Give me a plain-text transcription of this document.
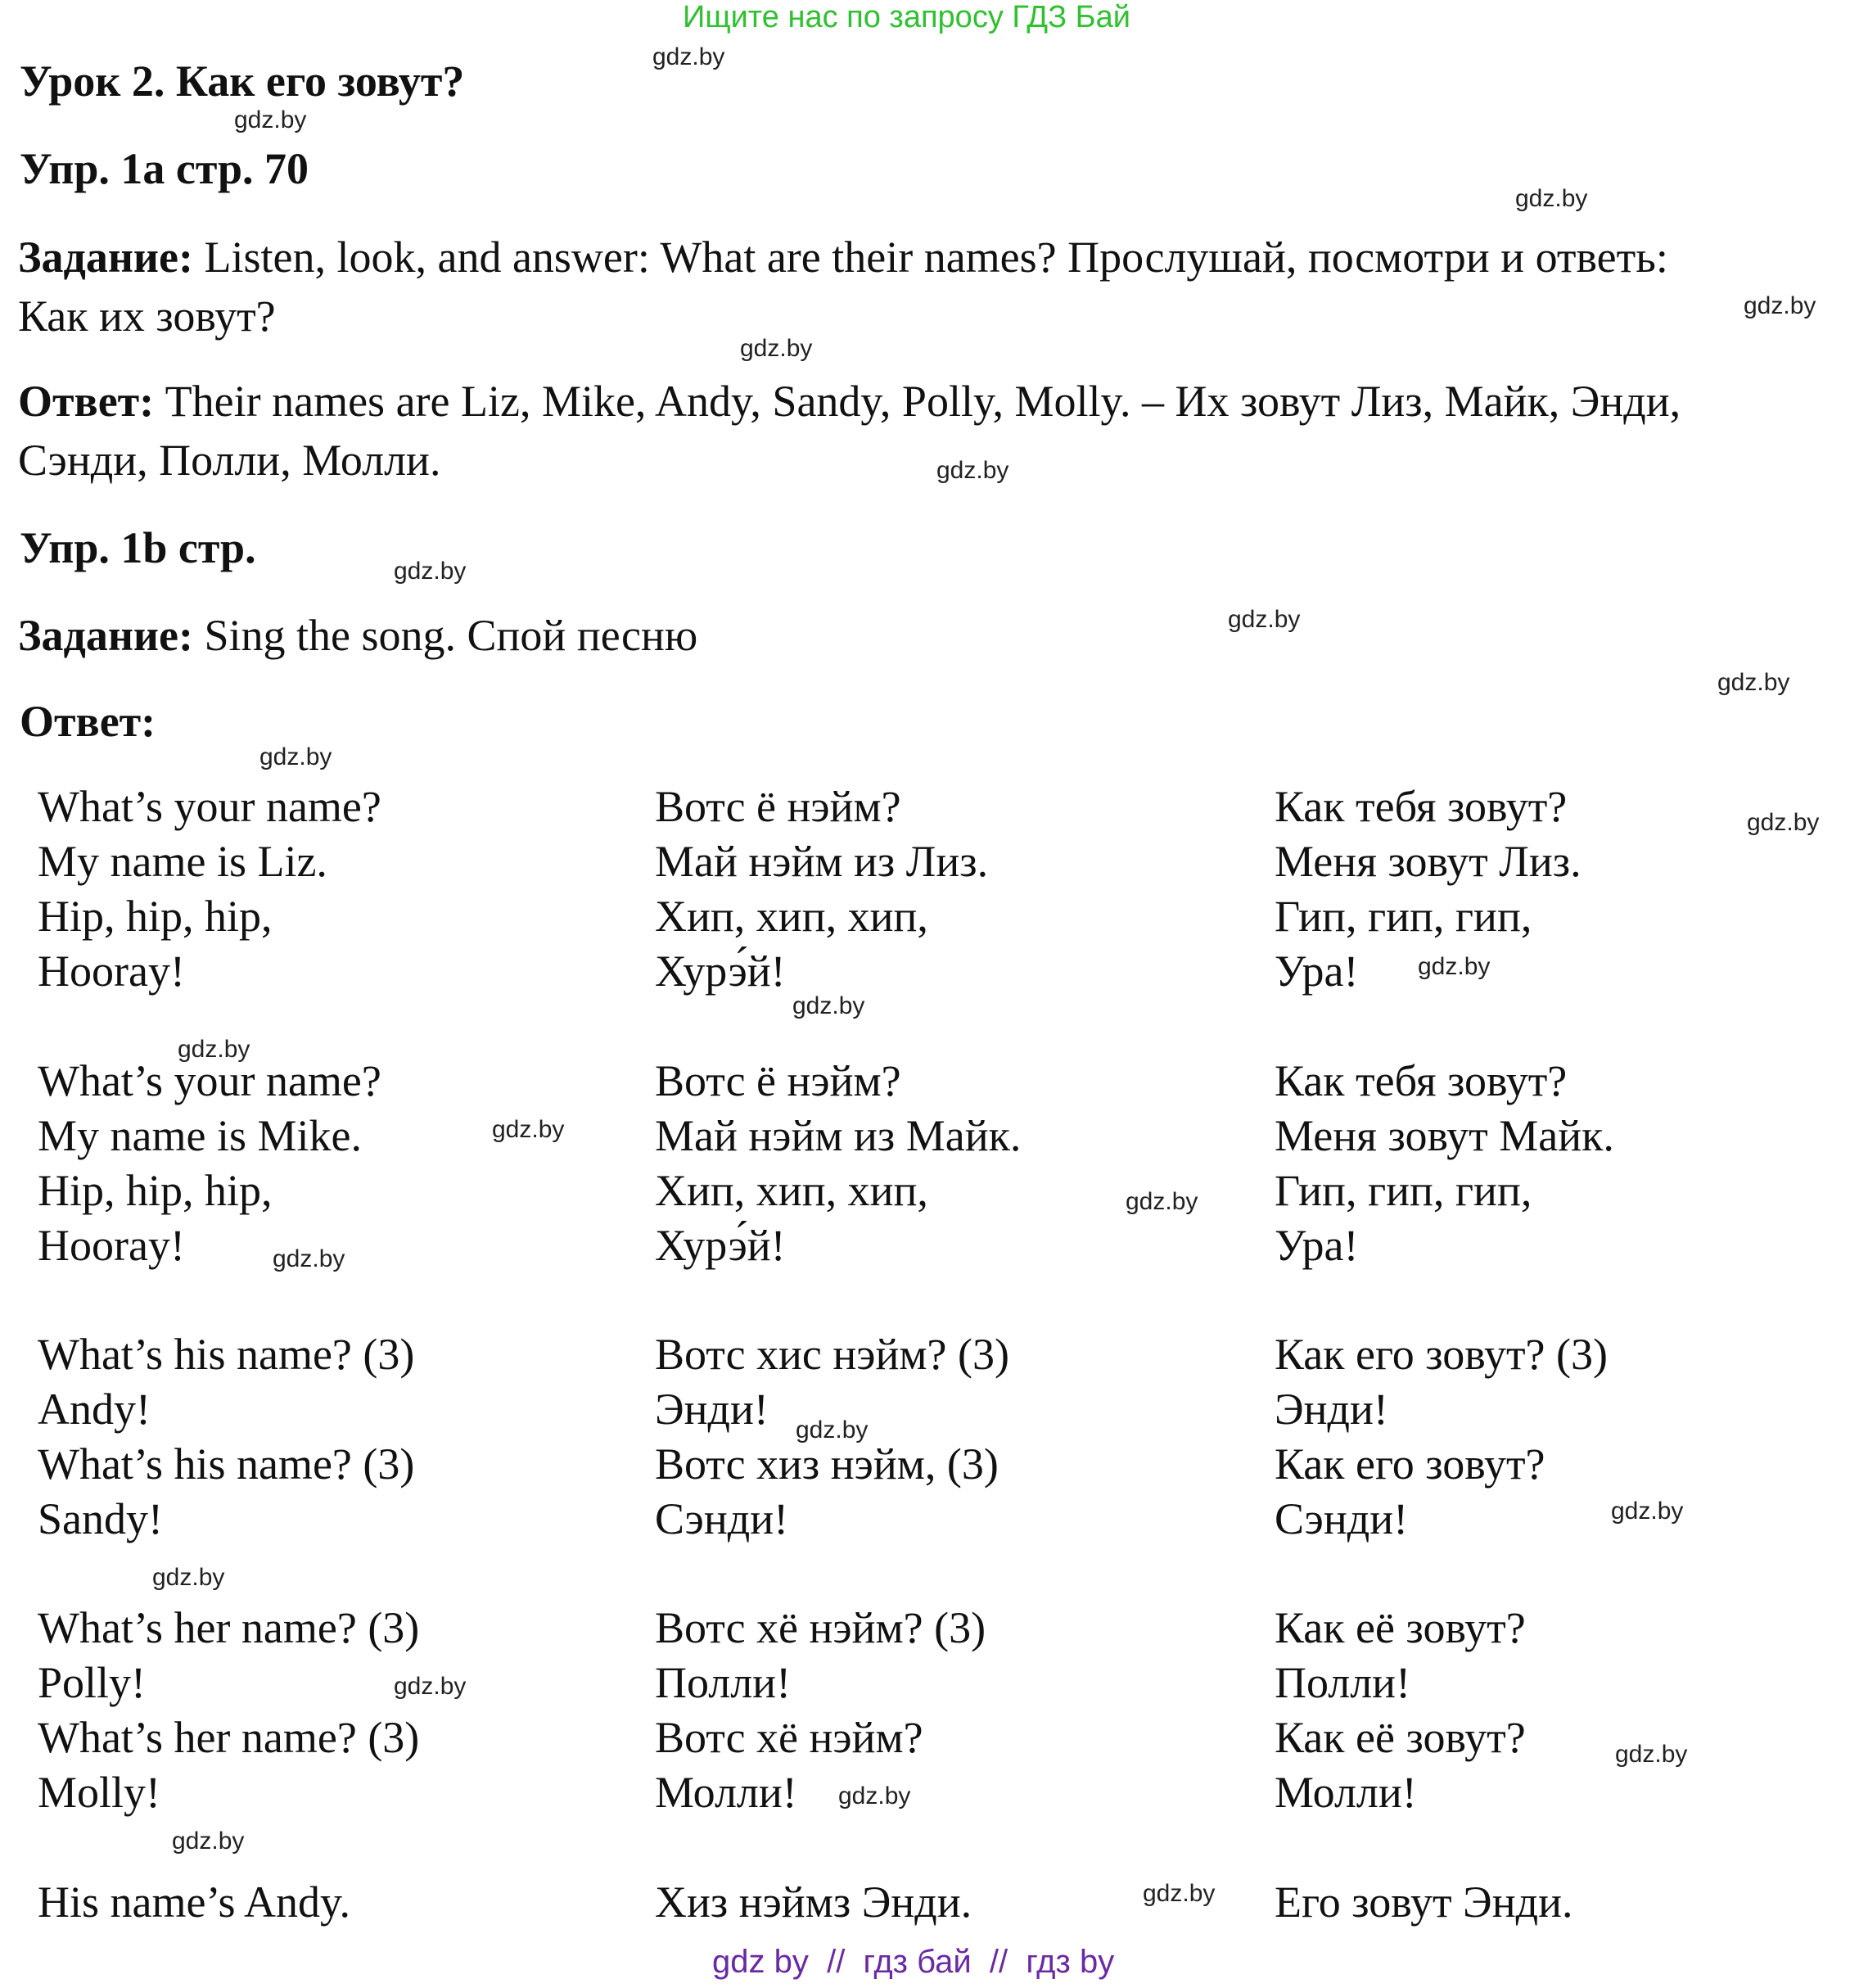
Ищите нас по запросу ГДЗ Бай
Урок 2. Как его зовут?
Упр. 1а стр. 70
Задание: Listen, look, and answer: What are their names? Прослушай, посмотри и ответь:
Как их зовут?
Ответ: Their names are Liz, Mike, Andy, Sandy, Polly, Molly. – Их зовут Лиз, Майк, Энди,
Сэнди, Полли, Молли.
Упр. 1b стр.
Задание: Sing the song. Спой песню
Ответ:
What’s your name?
My name is Liz.
Hip, hip, hip,
Hooray!
Вотс ё нэйм?
Май нэйм из Лиз.
Хип, хип, хип,
Хурэ́й!
Как тебя зовут?
Меня зовут Лиз.
Гип, гип, гип,
Ура!
What’s your name?
My name is Mike.
Hip, hip, hip,
Hooray!
Вотс ё нэйм?
Май нэйм из Майк.
Хип, хип, хип,
Хурэ́й!
Как тебя зовут?
Меня зовут Майк.
Гип, гип, гип,
Ура!
What’s his name? (3)
Andy!
What’s his name? (3)
Sandy!
Вотс хис нэйм? (3)
Энди!
Вотс хиз нэйм, (3)
Сэнди!
Как его зовут? (3)
Энди!
Как его зовут?
Сэнди!
What’s her name? (3)
Polly!
What’s her name? (3)
Molly!
Вотс хё нэйм? (3)
Полли!
Вотс хё нэйм?
Молли!
Как её зовут?
Полли!
Как её зовут?
Молли!
His name’s Andy.	Хиз нэймз Энди.	Его зовут Энди.
gdz.by
gdz.by
gdz.by
gdz.by
gdz.by
gdz.by
gdz.by
gdz.by
gdz.by
gdz.by
gdz.by
gdz.by
gdz.by
gdz.by
gdz.by
gdz.by
gdz.by
gdz.by
gdz.by
gdz.by
gdz.by
gdz.by
gdz.by
gdz.by
gdz.by
gdz by  //  гдз бай  //  гдз by
